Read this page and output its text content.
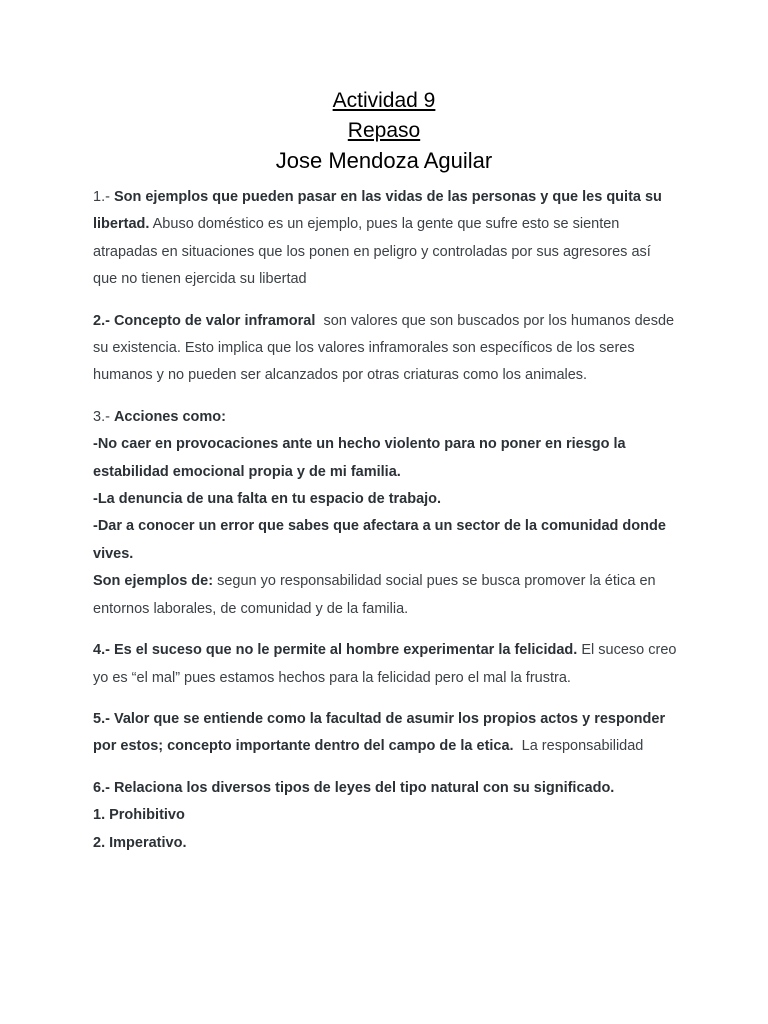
Actividad 9
Repaso
Jose Mendoza Aguilar

1.- Son ejemplos que pueden pasar en las vidas de las personas y que les quita su libertad. Abuso doméstico es un ejemplo, pues la gente que sufre esto se sienten atrapadas en situaciones que los ponen en peligro y controladas por sus agresores así que no tienen ejercida su libertad

2.- Concepto de valor inframoral son valores que son buscados por los humanos desde su existencia. Esto implica que los valores inframorales son específicos de los seres humanos y no pueden ser alcanzados por otras criaturas como los animales.

3.- Acciones como:
-No caer en provocaciones ante un hecho violento para no poner en riesgo la estabilidad emocional propia y de mi familia.
-La denuncia de una falta en tu espacio de trabajo.
-Dar a conocer un error que sabes que afectara a un sector de la comunidad donde vives.
Son ejemplos de: segun yo responsabilidad social pues se busca promover la ética en entornos laborales, de comunidad y de la familia.

4.- Es el suceso que no le permite al hombre experimentar la felicidad. El suceso creo yo es “el mal” pues estamos hechos para la felicidad pero el mal la frustra.

5.- Valor que se entiende como la facultad de asumir los propios actos y responder por estos; concepto importante dentro del campo de la etica. La responsabilidad

6.- Relaciona los diversos tipos de leyes del tipo natural con su significado.
1. Prohibitivo
2. Imperativo.
